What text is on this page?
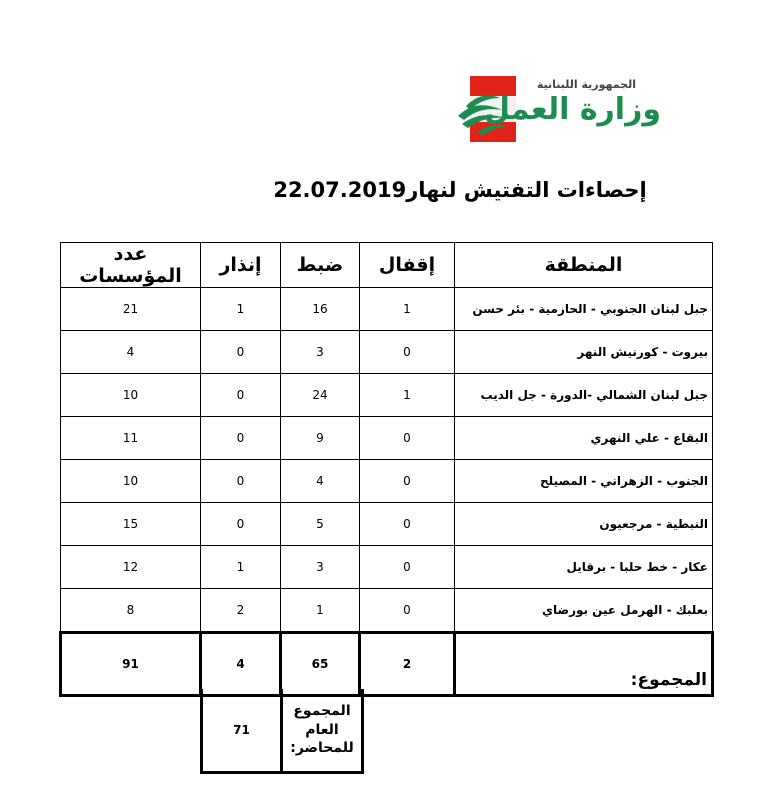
الجمهورية اللبنانية
وزارة العمل
إحصاءات التفتيش لنهار22.07.2019
عدد المؤسسات	إنذار	ضبط	إقفال	المنطقة
21	1	16	1	جبل لبنان الجنوبي - الحازمية - بئر حسن
4	0	3	0	بيروت - كورنيش النهر
10	0	24	1	جبل لبنان الشمالي -الدورة - جل الديب
11	0	9	0	البقاع - علي النهري
10	0	4	0	الجنوب - الزهراني - المصيلح
15	0	5	0	النبطية - مرجعيون
12	1	3	0	عكار - خط حلبا - برقايل
8	2	1	0	بعلبك - الهرمل عين بورضاي
91	4	65	2	المجموع:
71	المجموع العام للمحاضر:
